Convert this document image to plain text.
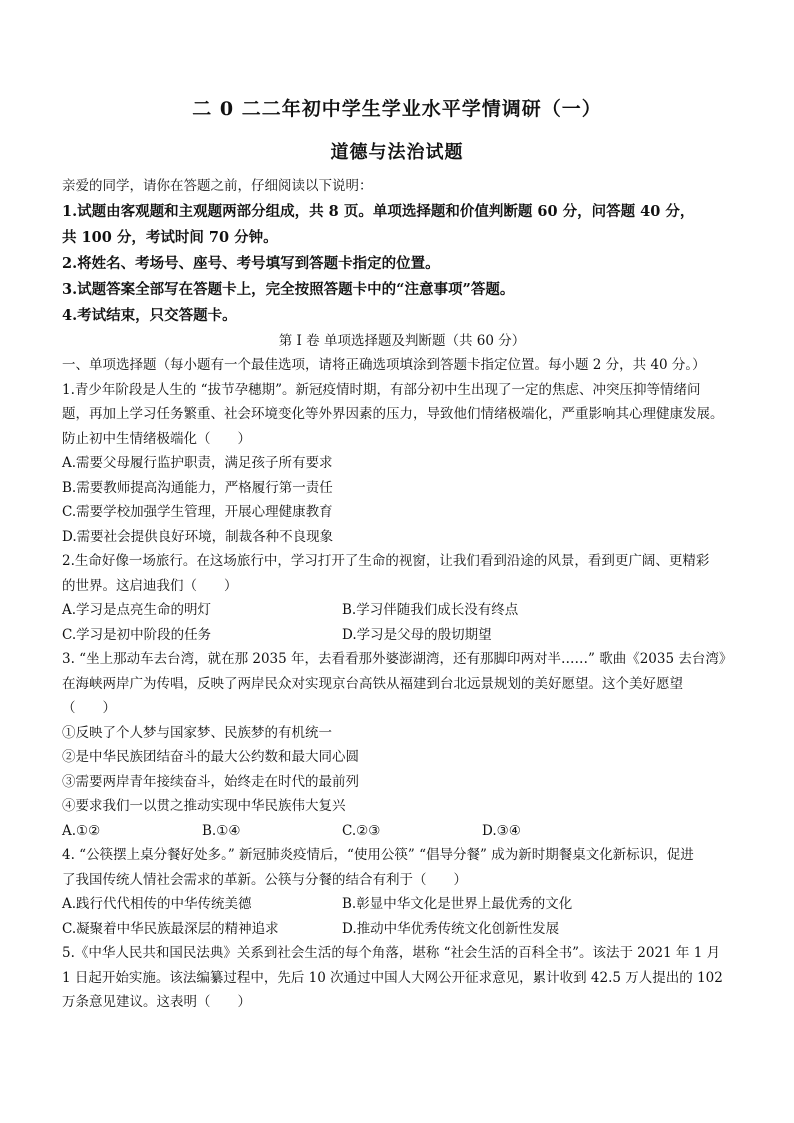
二 0 二二年初中学生学业水平学情调研（一）
道德与法治试题
亲爱的同学，请你在答题之前，仔细阅读以下说明：
1.试题由客观题和主观题两部分组成，共 8 页。单项选择题和价值判断题 60 分，问答题 40 分，
共 100 分，考试时间 70 分钟。
2.将姓名、考场号、座号、考号填写到答题卡指定的位置。
3.试题答案全部写在答题卡上，完全按照答题卡中的“注意事项”答题。
4.考试结束，只交答题卡。
第 I 卷 单项选择题及判断题（共 60 分）
一、单项选择题（每小题有一个最佳选项，请将正确选项填涂到答题卡指定位置。每小题 2 分，共 40 分。）
1.青少年阶段是人生的 “拔节孕穗期”。新冠疫情时期，有部分初中生出现了一定的焦虑、冲突压抑等情绪问
题，再加上学习任务繁重、社会环境变化等外界因素的压力，导致他们情绪极端化，严重影响其心理健康发展。
防止初中生情绪极端化（　　）
A.需要父母履行监护职责，满足孩子所有要求
B.需要教师提高沟通能力，严格履行第一责任
C.需要学校加强学生管理，开展心理健康教育
D.需要社会提供良好环境，制裁各种不良现象
2.生命好像一场旅行。在这场旅行中，学习打开了生命的视窗，让我们看到沿途的风景，看到更广阔、更精彩
的世界。这启迪我们（　　）
A.学习是点亮生命的明灯	B.学习伴随我们成长没有终点
C.学习是初中阶段的任务	D.学习是父母的殷切期望
3. “坐上那动车去台湾，就在那 2035 年，去看看那外婆澎湖湾，还有那脚印两对半……” 歌曲《2035 去台湾》
在海峡两岸广为传唱，反映了两岸民众对实现京台高铁从福建到台北远景规划的美好愿望。这个美好愿望
（　　）
①反映了个人梦与国家梦、民族梦的有机统一
②是中华民族团结奋斗的最大公约数和最大同心圆
③需要两岸青年接续奋斗，始终走在时代的最前列
④要求我们一以贯之推动实现中华民族伟大复兴
A.①②	B.①④	C.②③	D.③④
4. “公筷摆上桌分餐好处多。” 新冠肺炎疫情后，“使用公筷” “倡导分餐” 成为新时期餐桌文化新标识，促进
了我国传统人情社会需求的革新。公筷与分餐的结合有利于（　　）
A.践行代代相传的中华传统美德	B.彰显中华文化是世界上最优秀的文化
C.凝聚着中华民族最深层的精神追求	D.推动中华优秀传统文化创新性发展
5.《中华人民共和国民法典》关系到社会生活的每个角落，堪称 “社会生活的百科全书”。该法于 2021 年 1 月
1 日起开始实施。该法编纂过程中，先后 10 次通过中国人大网公开征求意见，累计收到 42.5 万人提出的 102
万条意见建议。这表明（　　）
